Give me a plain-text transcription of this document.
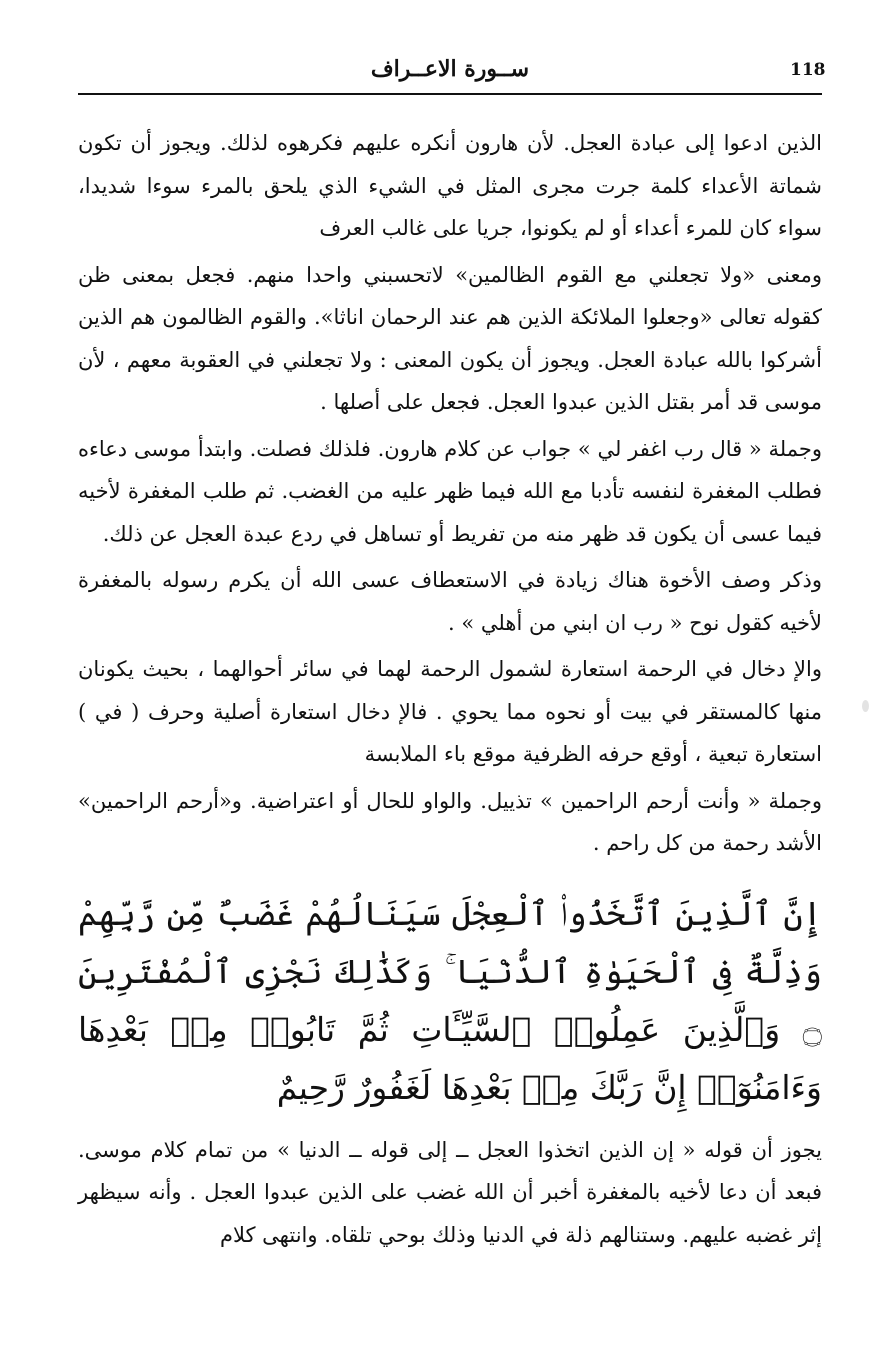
118
ســورة الاعــراف

الذين ادعوا إلى عبادة العجل. لأن هارون أنكره عليهم فكرهوه لذلك. ويجوز أن تكون شماتة الأعداء كلمة جرت مجرى المثل في الشيء الذي يلحق بالمرء سوءا شديدا، سواء كان للمرء أعداء أو لم يكونوا، جريا على غالب العرف

ومعنى «ولا تجعلني مع القوم الظالمين» لاتحسبني واحدا منهم. فجعل بمعنى ظن كقوله تعالى «وجعلوا الملائكة الذين هم عند الرحمان اناثا». والقوم الظالمون هم الذين أشركوا بالله عبادة العجل. ويجوز أن يكون المعنى : ولا تجعلني في العقوبة معهم ، لأن موسى قد أمر بقتل الذين عبدوا العجل. فجعل على أصلها .

وجملة « قال رب اغفر لي » جواب عن كلام هارون. فلذلك فصلت. وابتدأ موسى دعاءه فطلب المغفرة لنفسه تأدبا مع الله فيما ظهر عليه من الغضب. ثم طلب المغفرة لأخيه فيما عسى أن يكون قد ظهر منه من تفريط أو تساهل في ردع عبدة العجل عن ذلك.

وذكر وصف الأخوة هناك زيادة في الاستعطاف عسى الله أن يكرم رسوله بالمغفرة لأخيه كقول نوح « رب ان ابني من أهلي » .

والإ دخال في الرحمة استعارة لشمول الرحمة لهما في سائر أحوالهما ، بحيث يكونان منها كالمستقر في بيت أو نحوه مما يحوي . فالإ دخال استعارة أصلية وحرف ( في ) استعارة تبعية ، أوقع حرفه الظرفية موقع باء الملابسة

وجملة « وأنت أرحم الراحمين » تذييل. والواو للحال أو اعتراضية. و«أرحم الراحمين» الأشد رحمة من كل راحم .

إِنَّ ٱلَّذِينَ ٱتَّخَذُوا۟ ٱلْعِجْلَ سَيَنَالُهُمْ غَضَبٌ مِّن رَّبِّهِمْ وَذِلَّةٌ فِى ٱلْحَيَوٰةِ ٱلدُّنْيَا ۚ وَكَذَٰلِكَ نَجْزِى ٱلْمُفْتَرِينَ ۝ وَٱلَّذِينَ عَمِلُوا۟ ٱلسَّيِّـَٔاتِ ثُمَّ تَابُوا۟ مِنۢ بَعْدِهَا وَءَامَنُوٓا۟ إِنَّ رَبَّكَ مِنۢ بَعْدِهَا لَغَفُورٌ رَّحِيمٌ

يجوز أن قوله « إن الذين اتخذوا العجل ــ إلى قوله ــ الدنيا » من تمام كلام موسى. فبعد أن دعا لأخيه بالمغفرة أخبر أن الله غضب على الذين عبدوا العجل . وأنه سيظهر إثر غضبه عليهم. وستنالهم ذلة في الدنيا وذلك بوحي تلقاه. وانتهى كلام
